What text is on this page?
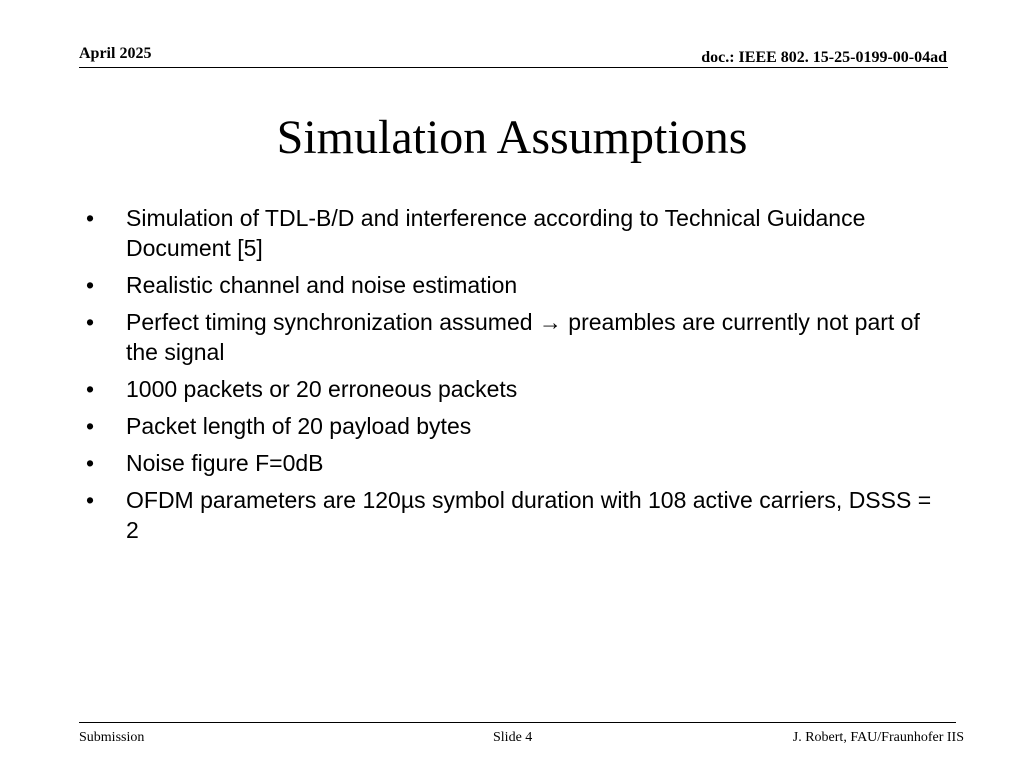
April 2025	doc.: IEEE 802. 15-25-0199-00-04ad
Simulation Assumptions
•	Simulation of TDL-B/D and interference according to Technical Guidance Document [5]
•	Realistic channel and noise estimation
•	Perfect timing synchronization assumed → preambles are currently not part of the signal
•	1000 packets or 20 erroneous packets
•	Packet length of 20 payload bytes
•	Noise figure F=0dB
•	OFDM parameters are 120µs symbol duration with 108 active carriers, DSSS = 2
Submission	Slide 4	J. Robert, FAU/Fraunhofer IIS
